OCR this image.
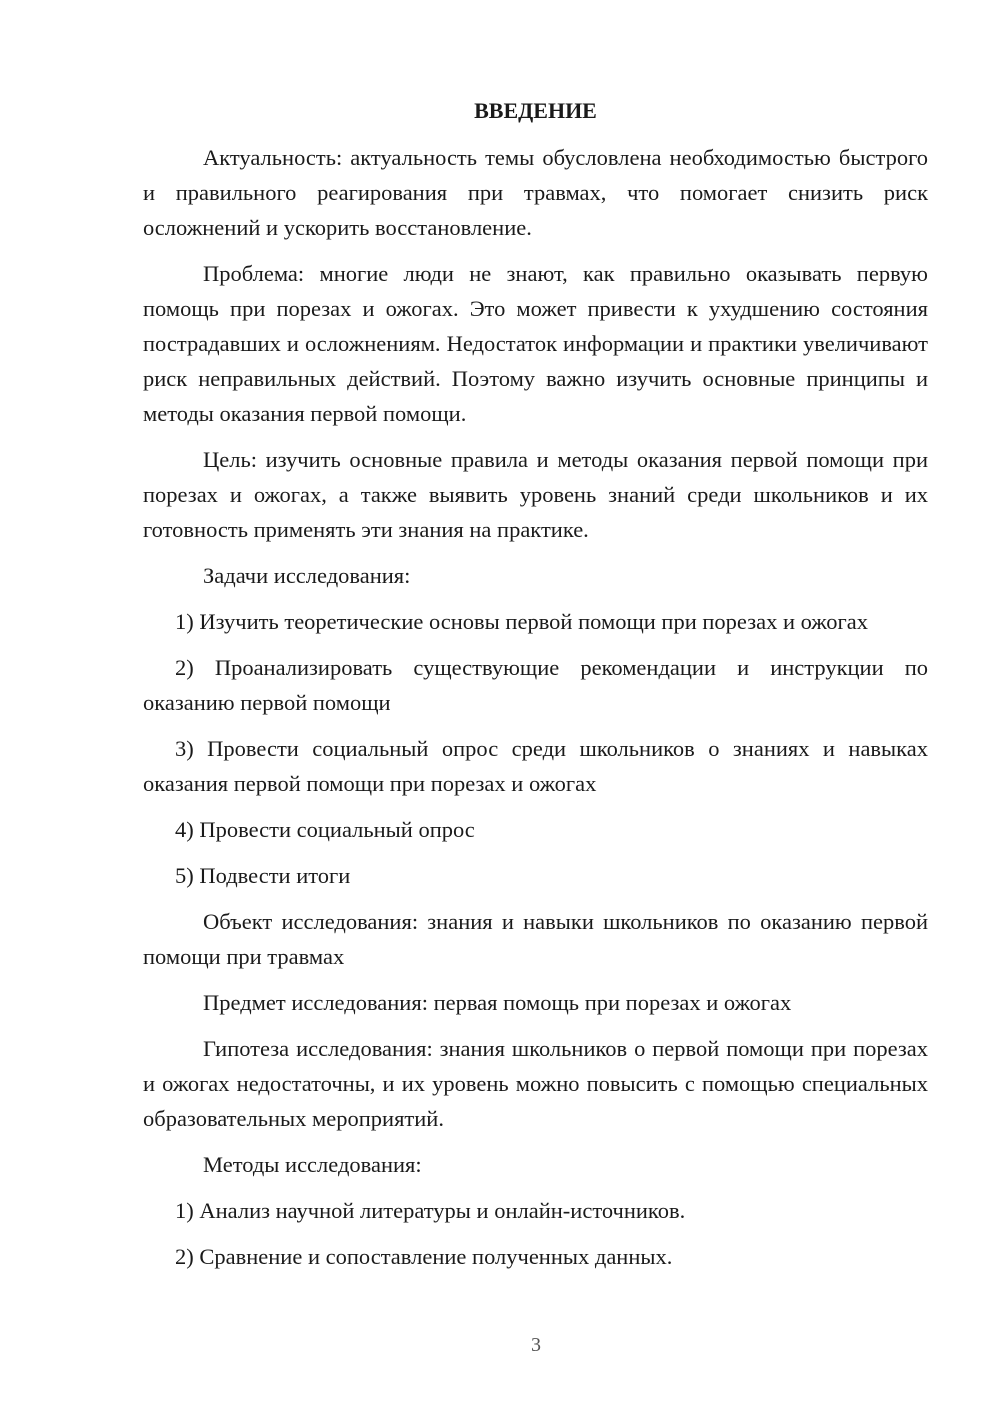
ВВЕДЕНИЕ

Актуальность: актуальность темы обусловлена необходимостью быстрого и правильного реагирования при травмах, что помогает снизить риск осложнений и ускорить восстановление.

Проблема: многие люди не знают, как правильно оказывать первую помощь при порезах и ожогах. Это может привести к ухудшению состояния пострадавших и осложнениям. Недостаток информации и практики увеличивают риск неправильных действий. Поэтому важно изучить основные принципы и методы оказания первой помощи.

Цель: изучить основные правила и методы оказания первой помощи при порезах и ожогах, а также выявить уровень знаний среди школьников и их готовность применять эти знания на практике.

Задачи исследования:

1) Изучить теоретические основы первой помощи при порезах и ожогах

2) Проанализировать существующие рекомендации и инструкции по оказанию первой помощи

3) Провести социальный опрос среди школьников о знаниях и навыках оказания первой помощи при порезах и ожогах

4) Провести социальный опрос

5) Подвести итоги

Объект исследования: знания и навыки школьников по оказанию первой помощи при травмах

Предмет исследования: первая помощь при порезах и ожогах

Гипотеза исследования: знания школьников о первой помощи при порезах и ожогах недостаточны, и их уровень можно повысить с помощью специальных образовательных мероприятий.

Методы исследования:

1) Анализ научной литературы и онлайн-источников.

2) Сравнение и сопоставление полученных данных.

3
